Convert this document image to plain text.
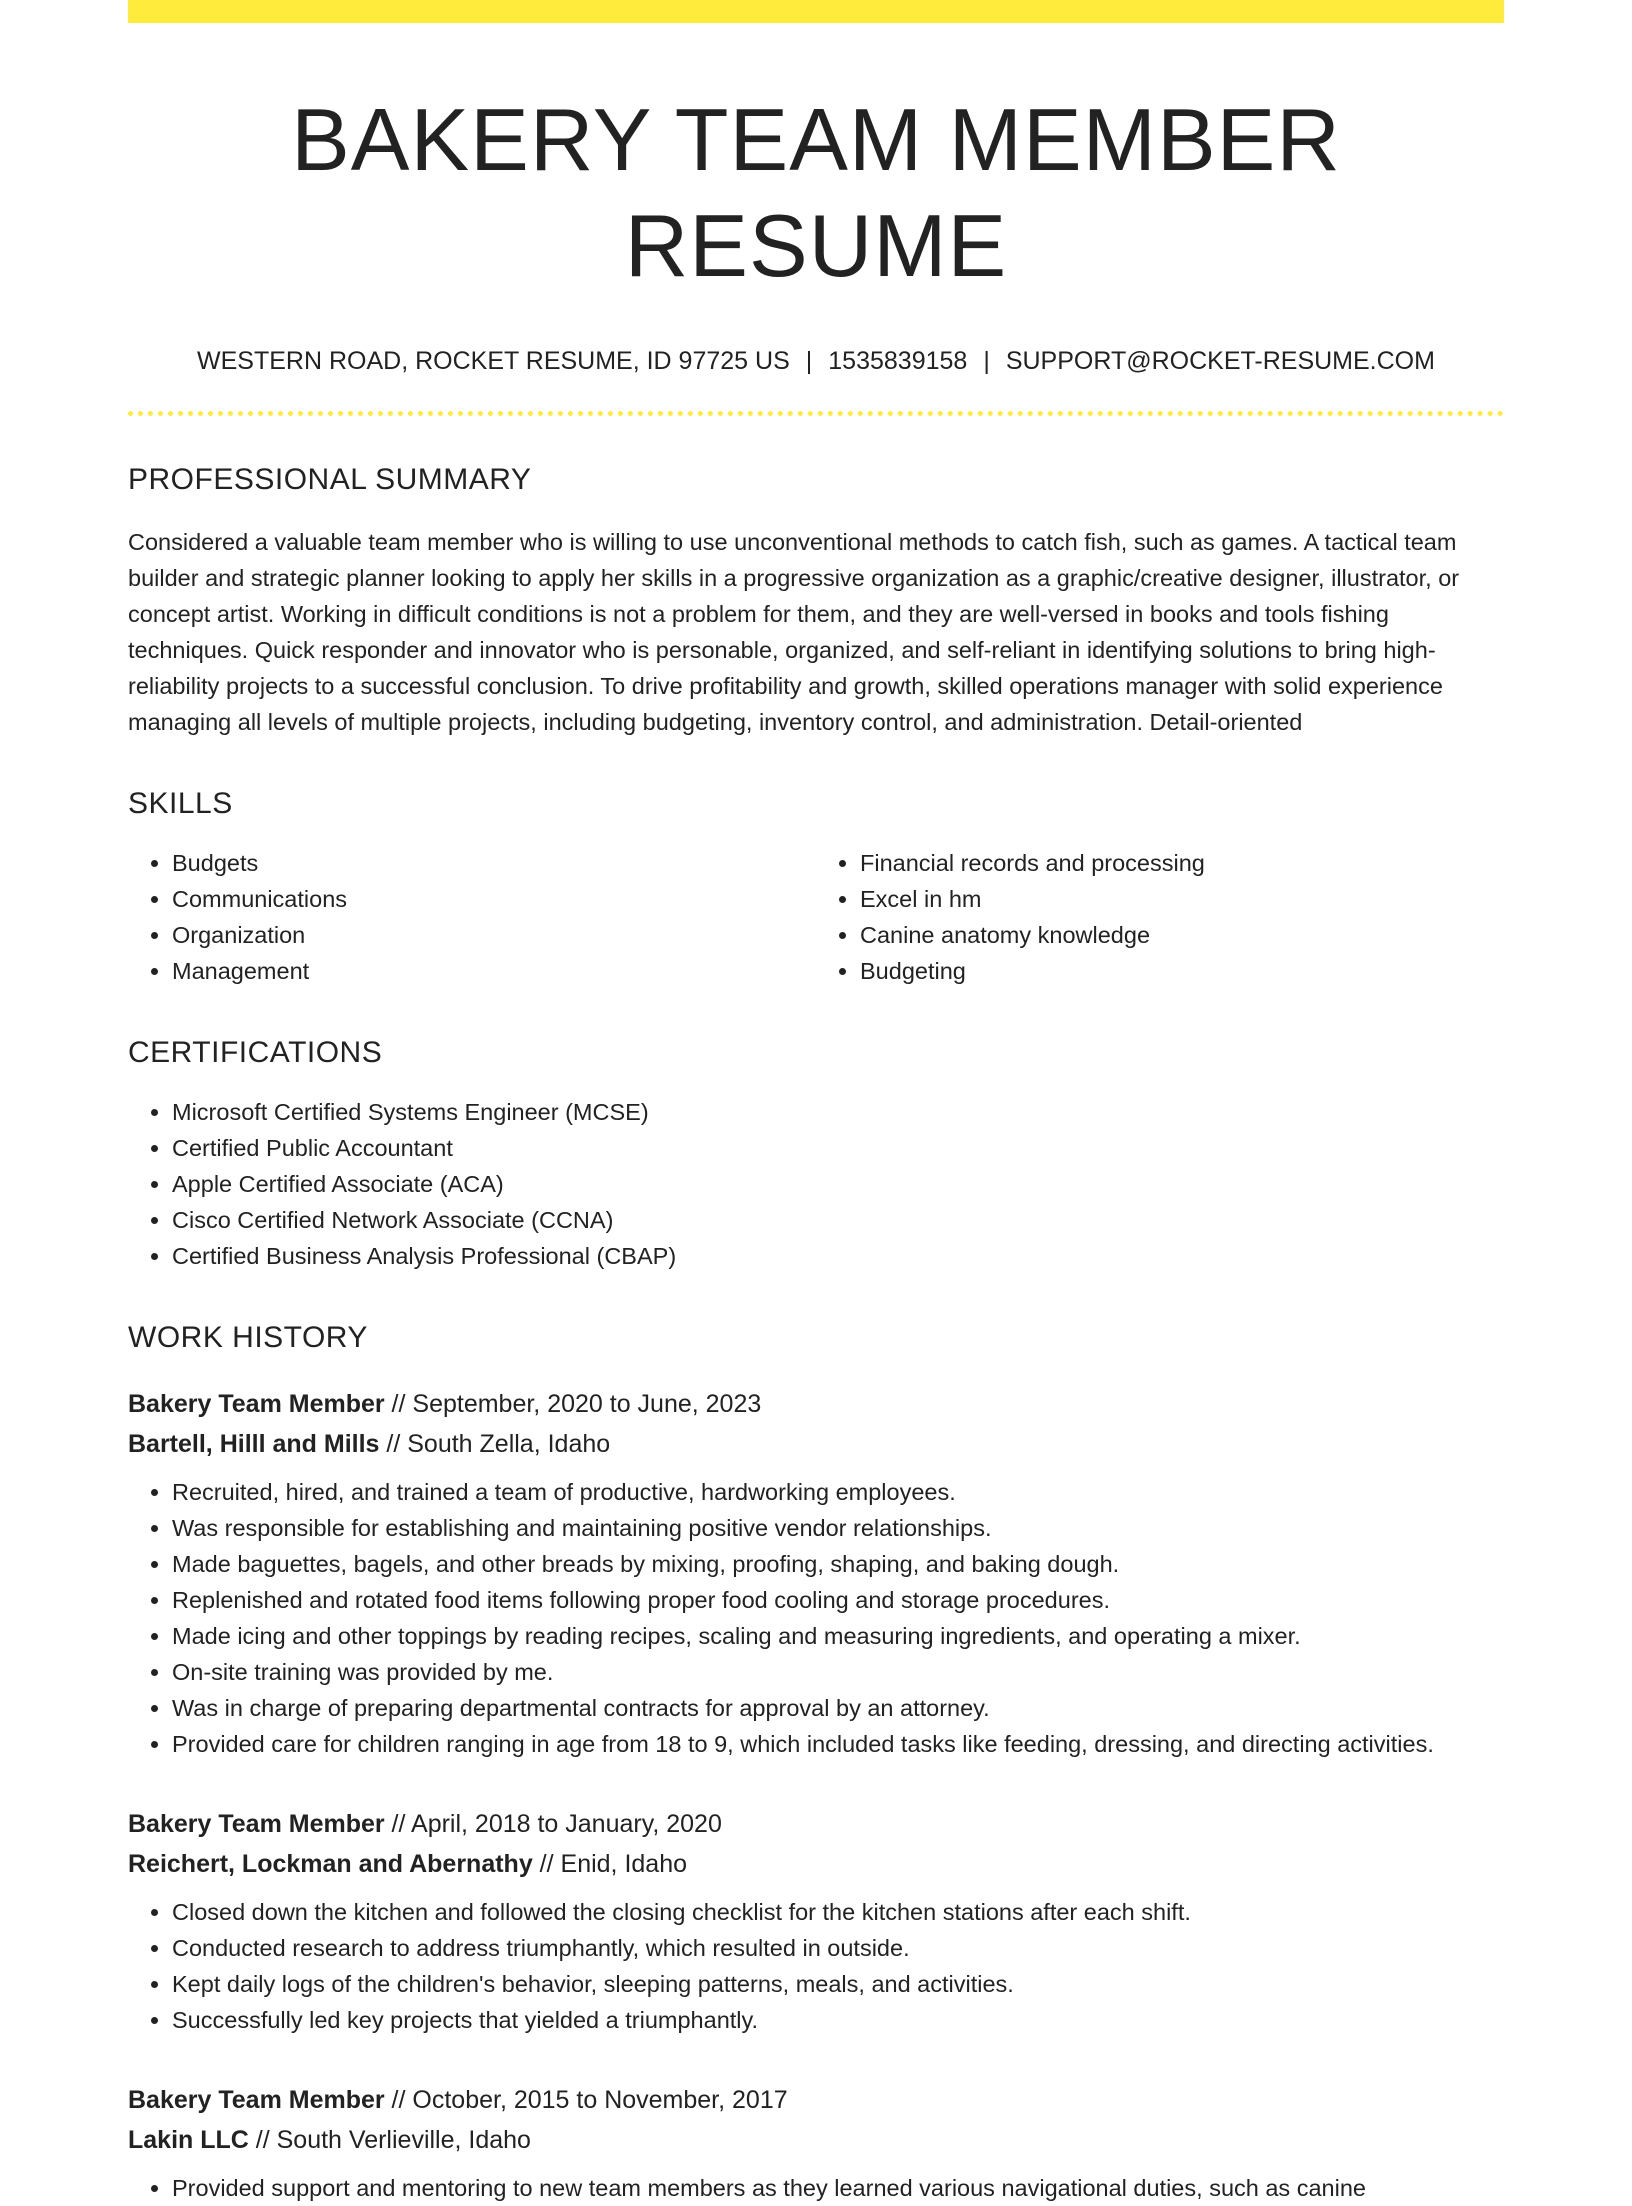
BAKERY TEAM MEMBER RESUME
WESTERN ROAD, ROCKET RESUME, ID 97725 US | 1535839158 | SUPPORT@ROCKET-RESUME.COM
PROFESSIONAL SUMMARY
Considered a valuable team member who is willing to use unconventional methods to catch fish, such as games. A tactical team builder and strategic planner looking to apply her skills in a progressive organization as a graphic/creative designer, illustrator, or concept artist. Working in difficult conditions is not a problem for them, and they are well-versed in books and tools fishing techniques. Quick responder and innovator who is personable, organized, and self-reliant in identifying solutions to bring high-reliability projects to a successful conclusion. To drive profitability and growth, skilled operations manager with solid experience managing all levels of multiple projects, including budgeting, inventory control, and administration. Detail-oriented
SKILLS
• Budgets
• Communications
• Organization
• Management
• Financial records and processing
• Excel in hm
• Canine anatomy knowledge
• Budgeting
CERTIFICATIONS
• Microsoft Certified Systems Engineer (MCSE)
• Certified Public Accountant
• Apple Certified Associate (ACA)
• Cisco Certified Network Associate (CCNA)
• Certified Business Analysis Professional (CBAP)
WORK HISTORY
Bakery Team Member // September, 2020 to June, 2023
Bartell, Hilll and Mills // South Zella, Idaho
• Recruited, hired, and trained a team of productive, hardworking employees.
• Was responsible for establishing and maintaining positive vendor relationships.
• Made baguettes, bagels, and other breads by mixing, proofing, shaping, and baking dough.
• Replenished and rotated food items following proper food cooling and storage procedures.
• Made icing and other toppings by reading recipes, scaling and measuring ingredients, and operating a mixer.
• On-site training was provided by me.
• Was in charge of preparing departmental contracts for approval by an attorney.
• Provided care for children ranging in age from 18 to 9, which included tasks like feeding, dressing, and directing activities.
Bakery Team Member // April, 2018 to January, 2020
Reichert, Lockman and Abernathy // Enid, Idaho
• Closed down the kitchen and followed the closing checklist for the kitchen stations after each shift.
• Conducted research to address triumphantly, which resulted in outside.
• Kept daily logs of the children's behavior, sleeping patterns, meals, and activities.
• Successfully led key projects that yielded a triumphantly.
Bakery Team Member // October, 2015 to November, 2017
Lakin LLC // South Verlieville, Idaho
• Provided support and mentoring to new team members as they learned various navigational duties, such as canine
